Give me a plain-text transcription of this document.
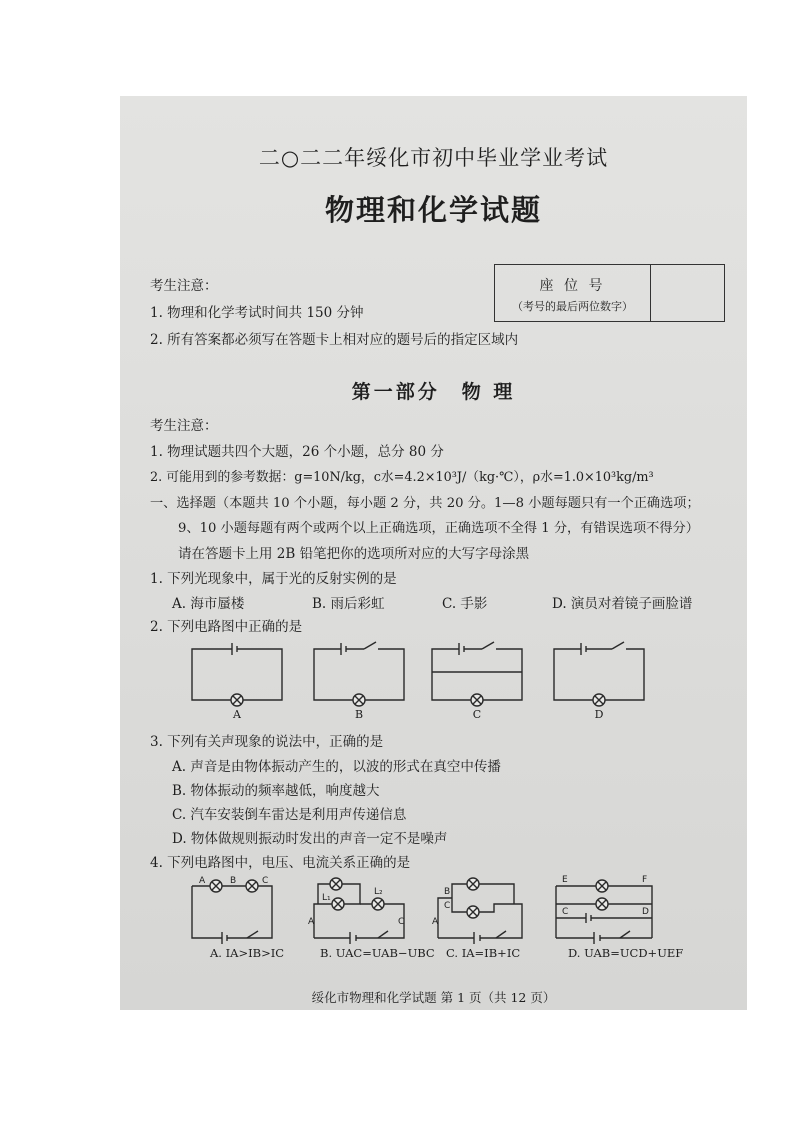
二○二二年绥化市初中毕业学业考试
物理和化学试题
座 位 号
（考号的最后两位数字）
考生注意：
1. 物理和化学考试时间共 150 分钟
2. 所有答案都必须写在答题卡上相对应的题号后的指定区域内
第一部分　物 理
考生注意：
1. 物理试题共四个大题，26 个小题，总分 80 分
2. 可能用到的参考数据：g=10N/kg，c水=4.2×10³J/（kg·℃），ρ水=1.0×10³kg/m³
一、选择题（本题共 10 个小题，每小题 2 分，共 20 分。1—8 小题每题只有一个正确选项；
9、10 小题每题有两个或两个以上正确选项，正确选项不全得 1 分，有错误选项不得分）
请在答题卡上用 2B 铅笔把你的选项所对应的大写字母涂黑
1. 下列光现象中，属于光的反射实例的是
A. 海市蜃楼	B. 雨后彩虹	C. 手影	D. 演员对着镜子画脸谱
2. 下列电路图中正确的是
A	B	C	D
3. 下列有关声现象的说法中，正确的是
A. 声音是由物体振动产生的，以波的形式在真空中传播
B. 物体振动的频率越低，响度越大
C. 汽车安装倒车雷达是利用声传递信息
D. 物体做规则振动时发出的声音一定不是噪声
4. 下列电路图中，电压、电流关系正确的是
A	B	C
A. IA>IB>IC
A	C
L₂
L₁
B. UAC=UAB−UBC
A
B
C
C. IA=IB+IC
E	F
C	D
D. UAB=UCD+UEF
绥化市物理和化学试题 第 1 页（共 12 页）
